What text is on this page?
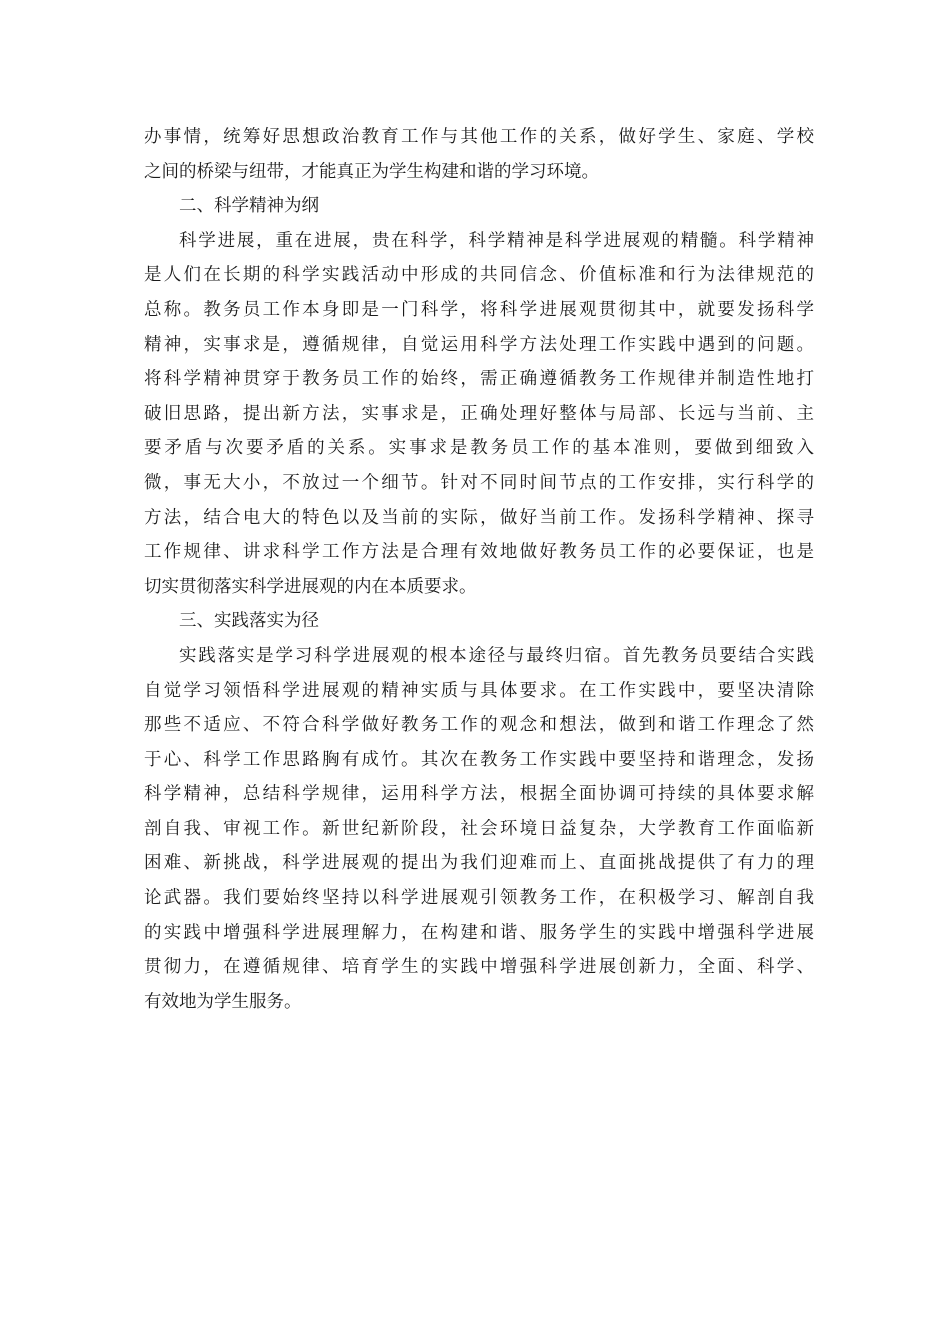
办事情，统筹好思想政治教育工作与其他工作的关系，做好学生、家庭、学校
之间的桥梁与纽带，才能真正为学生构建和谐的学习环境。
二、科学精神为纲
科学进展，重在进展，贵在科学，科学精神是科学进展观的精髓。科学精神
是人们在长期的科学实践活动中形成的共同信念、价值标准和行为法律规范的
总称。教务员工作本身即是一门科学，将科学进展观贯彻其中，就要发扬科学
精神，实事求是，遵循规律，自觉运用科学方法处理工作实践中遇到的问题。
将科学精神贯穿于教务员工作的始终，需正确遵循教务工作规律并制造性地打
破旧思路，提出新方法，实事求是，正确处理好整体与局部、长远与当前、主
要矛盾与次要矛盾的关系。实事求是教务员工作的基本准则，要做到细致入
微，事无大小，不放过一个细节。针对不同时间节点的工作安排，实行科学的
方法，结合电大的特色以及当前的实际，做好当前工作。发扬科学精神、探寻
工作规律、讲求科学工作方法是合理有效地做好教务员工作的必要保证，也是
切实贯彻落实科学进展观的内在本质要求。
三、实践落实为径
实践落实是学习科学进展观的根本途径与最终归宿。首先教务员要结合实践
自觉学习领悟科学进展观的精神实质与具体要求。在工作实践中，要坚决清除
那些不适应、不符合科学做好教务工作的观念和想法，做到和谐工作理念了然
于心、科学工作思路胸有成竹。其次在教务工作实践中要坚持和谐理念，发扬
科学精神，总结科学规律，运用科学方法，根据全面协调可持续的具体要求解
剖自我、审视工作。新世纪新阶段，社会环境日益复杂，大学教育工作面临新
困难、新挑战，科学进展观的提出为我们迎难而上、直面挑战提供了有力的理
论武器。我们要始终坚持以科学进展观引领教务工作，在积极学习、解剖自我
的实践中增强科学进展理解力，在构建和谐、服务学生的实践中增强科学进展
贯彻力，在遵循规律、培育学生的实践中增强科学进展创新力，全面、科学、
有效地为学生服务。
